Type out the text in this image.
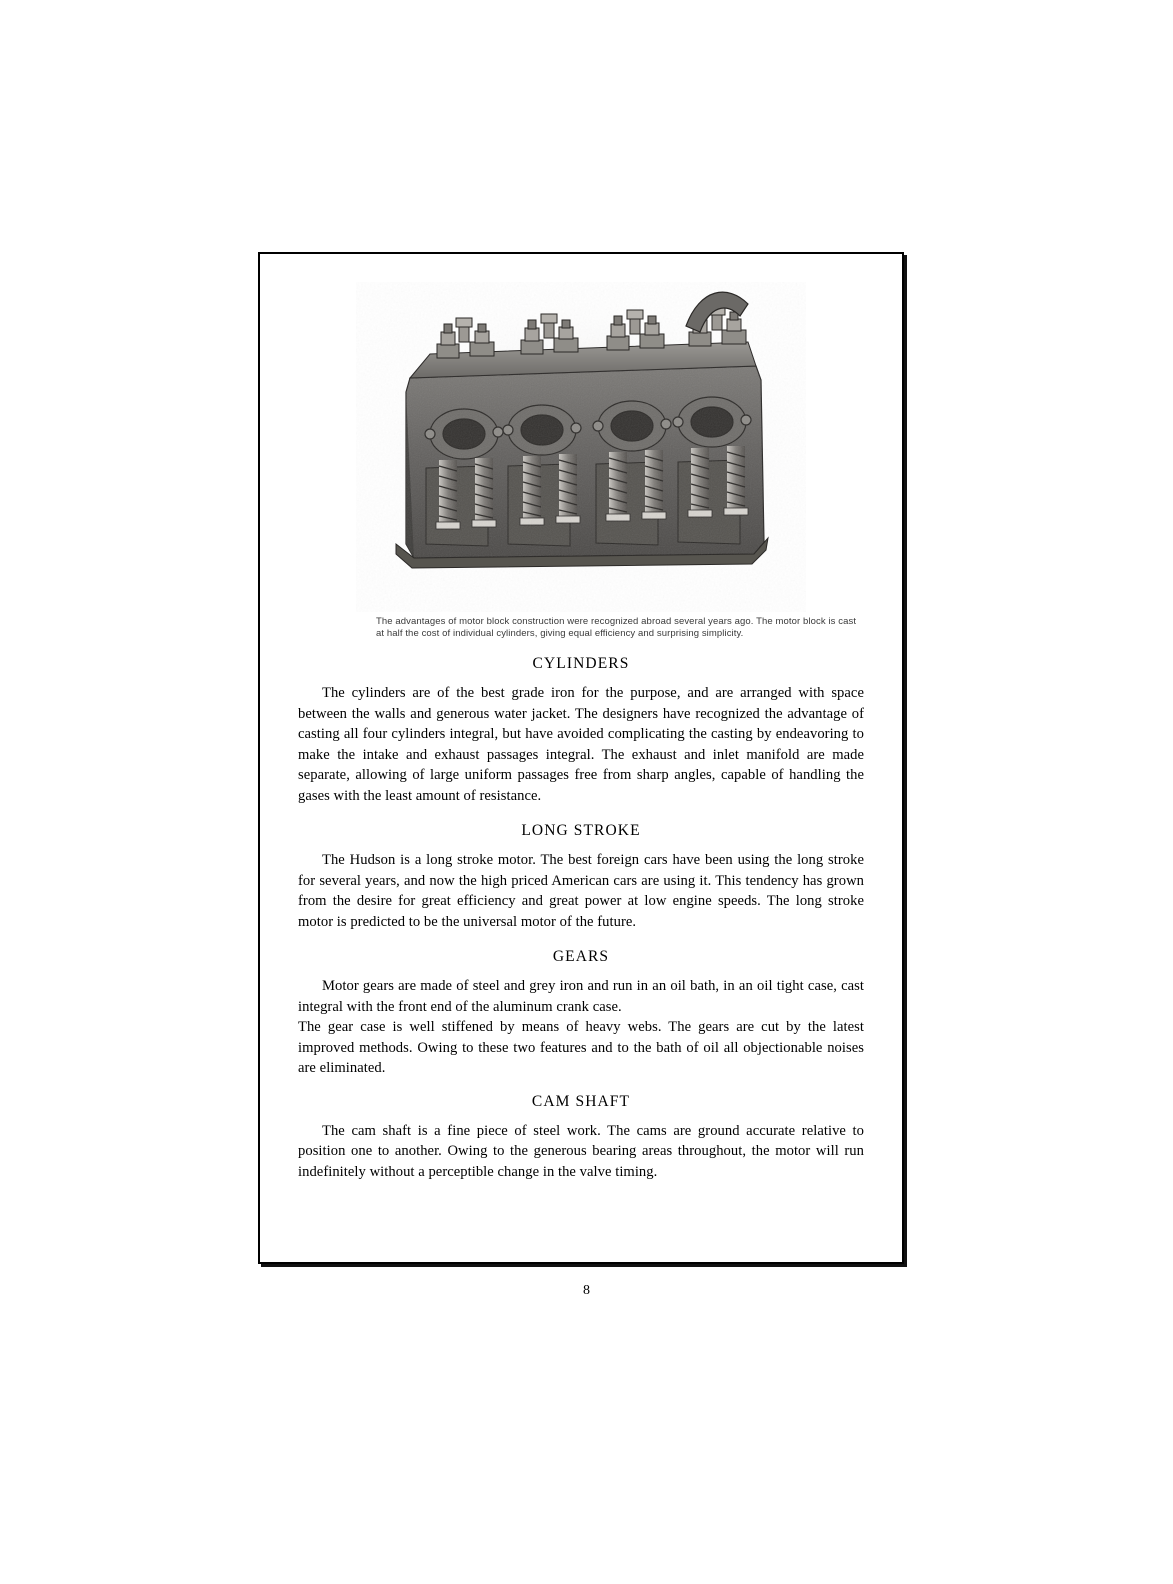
The advantages of motor block construction were recognized abroad several years ago. The motor block is cast at half the cost of individual cylinders, giving equal efficiency and surprising simplicity.
CYLINDERS

The cylinders are of the best grade iron for the purpose, and are arranged with space between the walls and generous water jacket. The designers have recognized the advantage of casting all four cylinders integral, but have avoided complicating the casting by endeavoring to make the intake and exhaust passages integral. The exhaust and inlet manifold are made separate, allowing of large uniform passages free from sharp angles, capable of handling the gases with the least amount of resistance.

LONG STROKE

The Hudson is a long stroke motor. The best foreign cars have been using the long stroke for several years, and now the high priced American cars are using it. This tendency has grown from the desire for great efficiency and great power at low engine speeds. The long stroke motor is predicted to be the universal motor of the future.

GEARS

Motor gears are made of steel and grey iron and run in an oil bath, in an oil tight case, cast integral with the front end of the aluminum crank case.

The gear case is well stiffened by means of heavy webs. The gears are cut by the latest improved methods. Owing to these two features and to the bath of oil all objectionable noises are eliminated.

CAM SHAFT

The cam shaft is a fine piece of steel work. The cams are ground accurate relative to position one to another. Owing to the generous bearing areas throughout, the motor will run indefinitely without a perceptible change in the valve timing.

8
